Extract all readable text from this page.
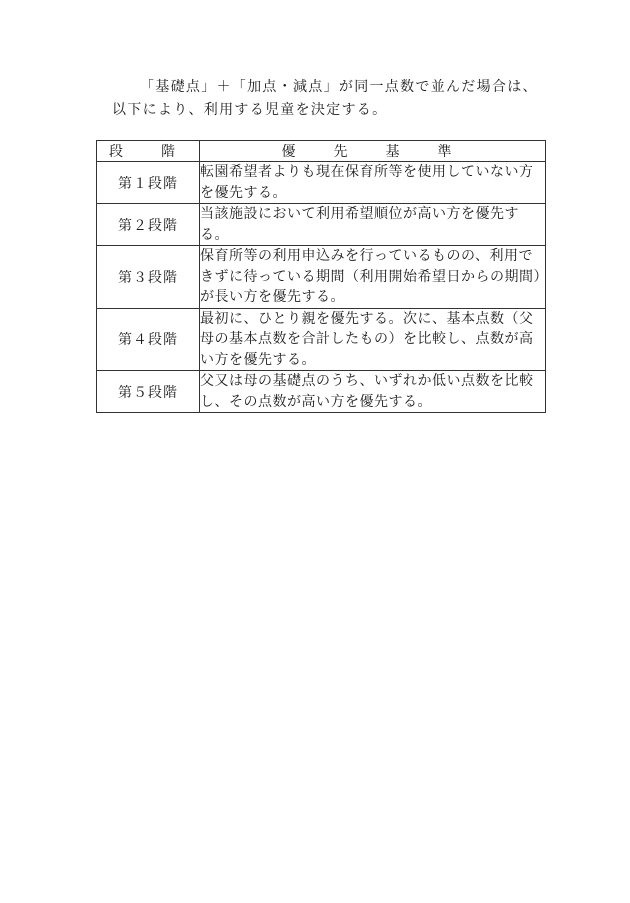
「基礎点」＋「加点・減点」が同一点数で並んだ場合は、以下により、利用する児童を決定する。

段　階	優　先　基　準
第１段階	転園希望者よりも現在保育所等を使用していない方を優先する。
第２段階	当該施設において利用希望順位が高い方を優先する。
第３段階	保育所等の利用申込みを行っているものの、利用できずに待っている期間（利用開始希望日からの期間）が長い方を優先する。
第４段階	最初に、ひとり親を優先する。次に、基本点数（父母の基本点数を合計したもの）を比較し、点数が高い方を優先する。
第５段階	父又は母の基礎点のうち、いずれか低い点数を比較し、その点数が高い方を優先する。
